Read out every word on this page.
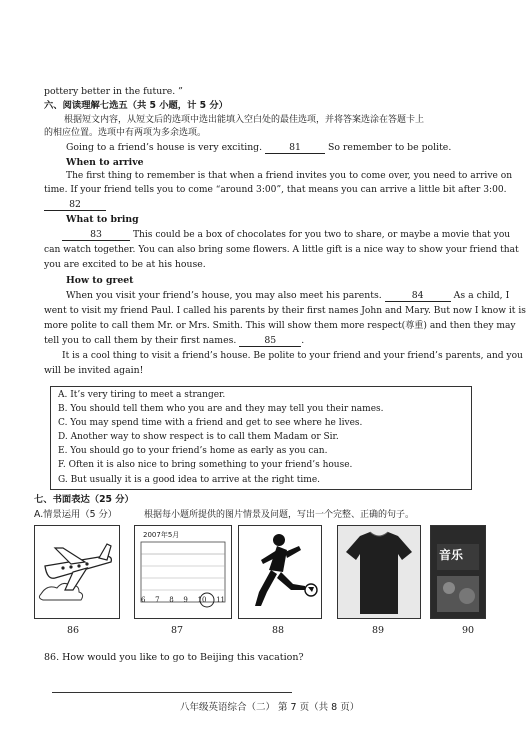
pottery better in the future. ”
六、阅读理解七选五（共 5 小题，计 5 分）
根据短文内容，从短文后的选项中选出能填入空白处的最佳选项，并将答案选涂在答题卡上
的相应位置。选项中有两项为多余选项。
Going to a friend’s house is very exciting.	81	So remember to be polite.
When to arrive
The first thing to remember is that when a friend invites you to come over, you need to arrive on
time. If your friend tells you to come “around 3:00”, that means you can arrive a little bit after 3:00.
82
What to bring
83	This could be a box of chocolates for you two to share, or maybe a movie that you
can watch together. You can also bring some flowers. A little gift is a nice way to show your friend that
you are excited to be at his house.
How to greet
When you visit your friend’s house, you may also meet his parents.	84	As a child, I
went to visit my friend Paul. I called his parents by their first names John and Mary. But now I know it is
more polite to call them Mr. or Mrs. Smith. This will show them more respect(尊重) and then they may
tell you to call them by their first names.	85	.
It is a cool thing to visit a friend’s house. Be polite to your friend and your friend’s parents, and you
will be invited again!
A. It’s very tiring to meet a stranger.
B. You should tell them who you are and they may tell you their names.
C. You may spend time with a friend and get to see where he lives.
D. Another way to show respect is to call them Madam or Sir.
E. You should go to your friend’s home as early as you can.
F. Often it is also nice to bring something to your friend’s house.
G. But usually it is a good idea to arrive at the right time.
七、书面表达（25 分）
A.情景运用（5 分）	根据每小题所提供的图片情景及问题，写出一个完整、正确的句子。
2007年5月
6 7 8 9 10 11
音乐
86	87	88	89	90
86. How would you like to go to Beijing this vacation?
八年级英语综合（二） 第 7 页（共 8 页）
